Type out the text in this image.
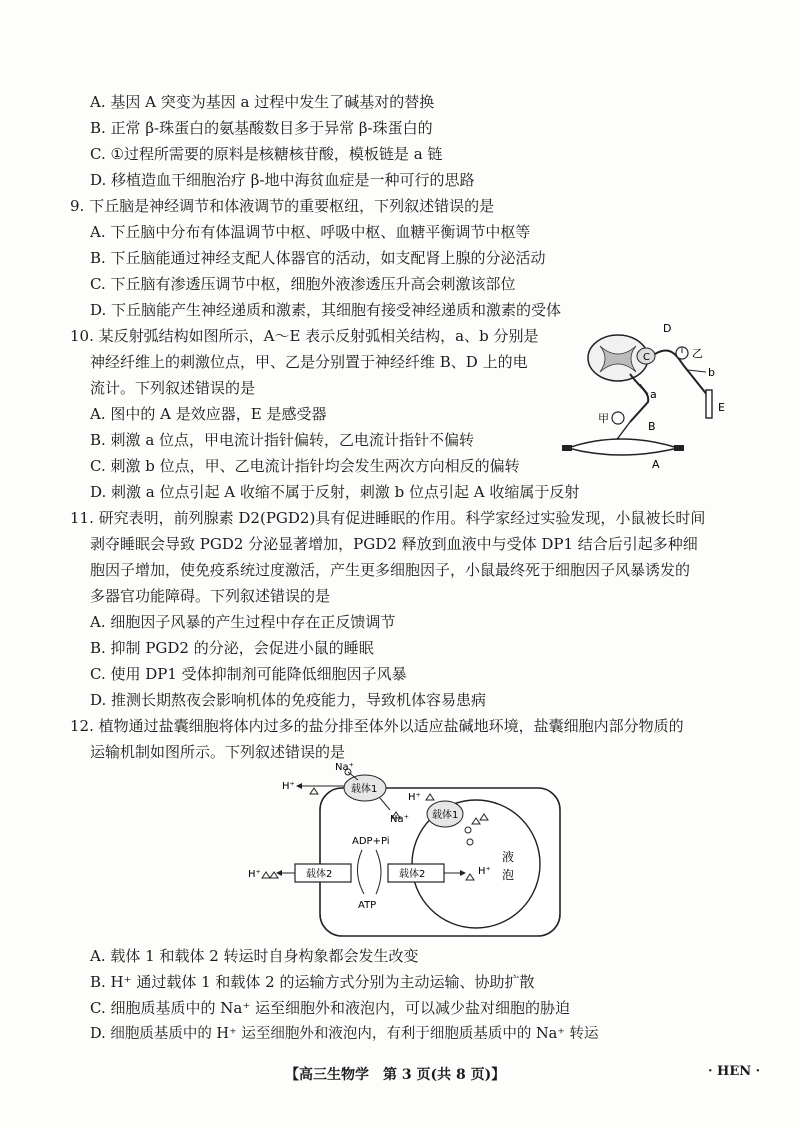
A. 基因 A 突变为基因 a 过程中发生了碱基对的替换
B. 正常 β-珠蛋白的氨基酸数目多于异常 β-珠蛋白的
C. ①过程所需要的原料是核糖核苷酸，模板链是 a 链
D. 移植造血干细胞治疗 β-地中海贫血症是一种可行的思路
9. 下丘脑是神经调节和体液调节的重要枢纽，下列叙述错误的是
A. 下丘脑中分布有体温调节中枢、呼吸中枢、血糖平衡调节中枢等
B. 下丘脑能通过神经支配人体器官的活动，如支配肾上腺的分泌活动
C. 下丘脑有渗透压调节中枢，细胞外液渗透压升高会刺激该部位
D. 下丘脑能产生神经递质和激素，其细胞有接受神经递质和激素的受体
10. 某反射弧结构如图所示，A～E 表示反射弧相关结构，a、b 分别是
神经纤维上的刺激位点，甲、乙是分别置于神经纤维 B、D 上的电
流计。下列叙述错误的是
A. 图中的 A 是效应器，E 是感受器
B. 刺激 a 位点，甲电流计指针偏转，乙电流计指针不偏转
C. 刺激 b 位点，甲、乙电流计指针均会发生两次方向相反的偏转
D. 刺激 a 位点引起 A 收缩不属于反射，刺激 b 位点引起 A 收缩属于反射
C
E
乙
D
b
a
甲
B
A
11. 研究表明，前列腺素 D2(PGD2)具有促进睡眠的作用。科学家经过实验发现，小鼠被长时间
剥夺睡眠会导致 PGD2 分泌显著增加，PGD2 释放到血液中与受体 DP1 结合后引起多种细
胞因子增加，使免疫系统过度激活，产生更多细胞因子，小鼠最终死于细胞因子风暴诱发的
多器官功能障碍。下列叙述错误的是
A. 细胞因子风暴的产生过程中存在正反馈调节
B. 抑制 PGD2 的分泌，会促进小鼠的睡眠
C. 使用 DP1 受体抑制剂可能降低细胞因子风暴
D. 推测长期熬夜会影响机体的免疫能力，导致机体容易患病
12. 植物通过盐囊细胞将体内过多的盐分排至体外以适应盐碱地环境，盐囊细胞内部分物质的
运输机制如图所示。下列叙述错误的是
液
泡
H⁺
载体1
Na⁺
H⁺
载体1
H⁺
Na⁺
ADP+Pi
ATP
载体2	载体2
H⁺
A. 载体 1 和载体 2 转运时自身构象都会发生改变
B. H⁺ 通过载体 1 和载体 2 的运输方式分别为主动运输、协助扩散
C. 细胞质基质中的 Na⁺ 运至细胞外和液泡内，可以减少盐对细胞的胁迫
D. 细胞质基质中的 H⁺ 运至细胞外和液泡内，有利于细胞质基质中的 Na⁺ 转运
【高三生物学　第 3 页(共 8 页)】	· HEN ·
